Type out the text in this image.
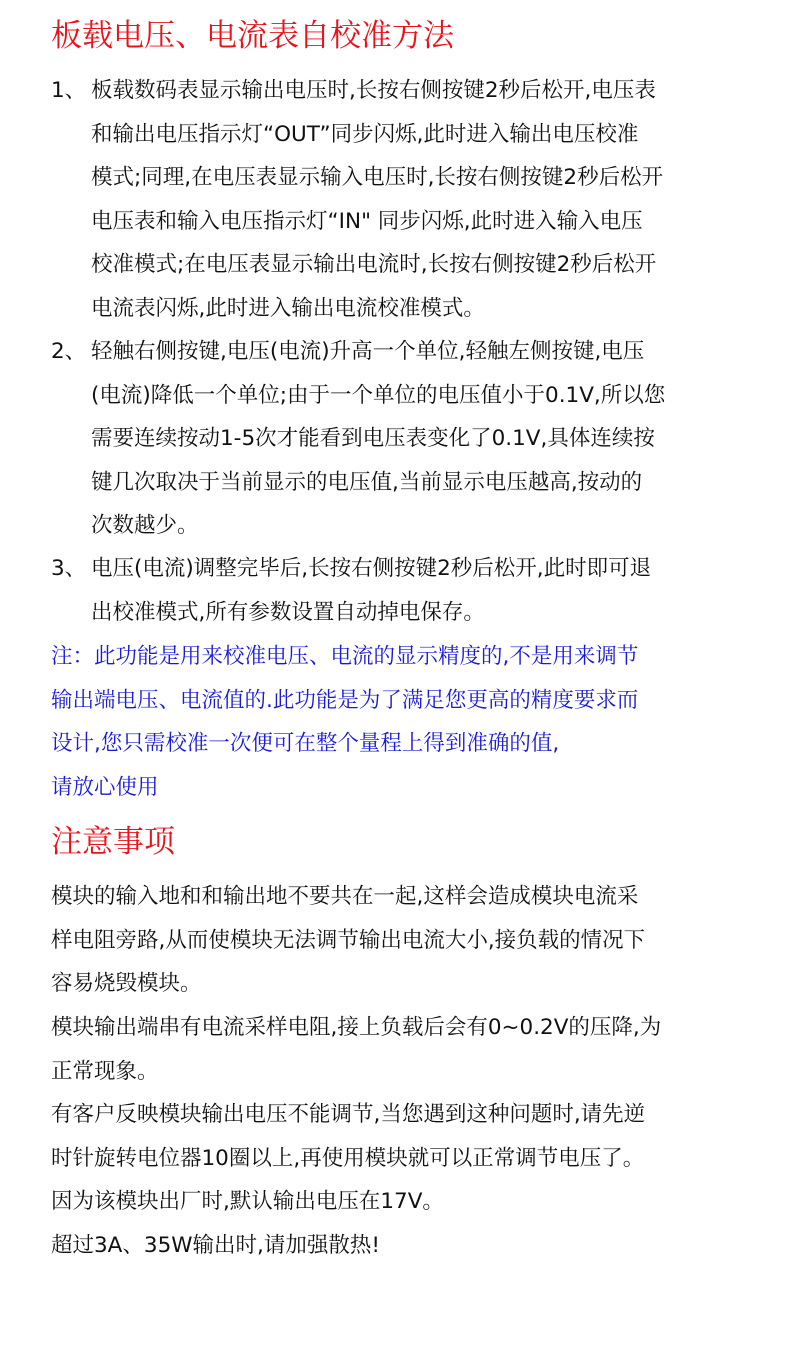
板载电压、电流表自校准方法
1、 板载数码表显示输出电压时,长按右侧按键2秒后松开,电压表
和输出电压指示灯“OUT”同步闪烁,此时进入输出电压校准
模式;同理,在电压表显示输入电压时,长按右侧按键2秒后松开
电压表和输入电压指示灯“IN" 同步闪烁,此时进入输入电压
校准模式;在电压表显示输出电流时,长按右侧按键2秒后松开
电流表闪烁,此时进入输出电流校准模式。
2、 轻触右侧按键,电压(电流)升高一个单位,轻触左侧按键,电压
(电流)降低一个单位;由于一个单位的电压值小于0.1V,所以您
需要连续按动1-5次才能看到电压表变化了0.1V,具体连续按
键几次取决于当前显示的电压值,当前显示电压越高,按动的
次数越少。
3、 电压(电流)调整完毕后,长按右侧按键2秒后松开,此时即可退
出校准模式,所有参数设置自动掉电保存。
注：此功能是用来校准电压、电流的显示精度的,不是用来调节
输出端电压、电流值的.此功能是为了满足您更高的精度要求而
设计,您只需校准一次便可在整个量程上得到准确的值,
请放心使用
注意事项
模块的输入地和和输出地不要共在一起,这样会造成模块电流采
样电阻旁路,从而使模块无法调节输出电流大小,接负载的情况下
容易烧毁模块。
模块输出端串有电流采样电阻,接上负载后会有0~0.2V的压降,为
正常现象。
有客户反映模块输出电压不能调节,当您遇到这种问题时,请先逆
时针旋转电位器10圈以上,再使用模块就可以正常调节电压了。
因为该模块出厂时,默认输出电压在17V。
超过3A、35W输出时,请加强散热!
